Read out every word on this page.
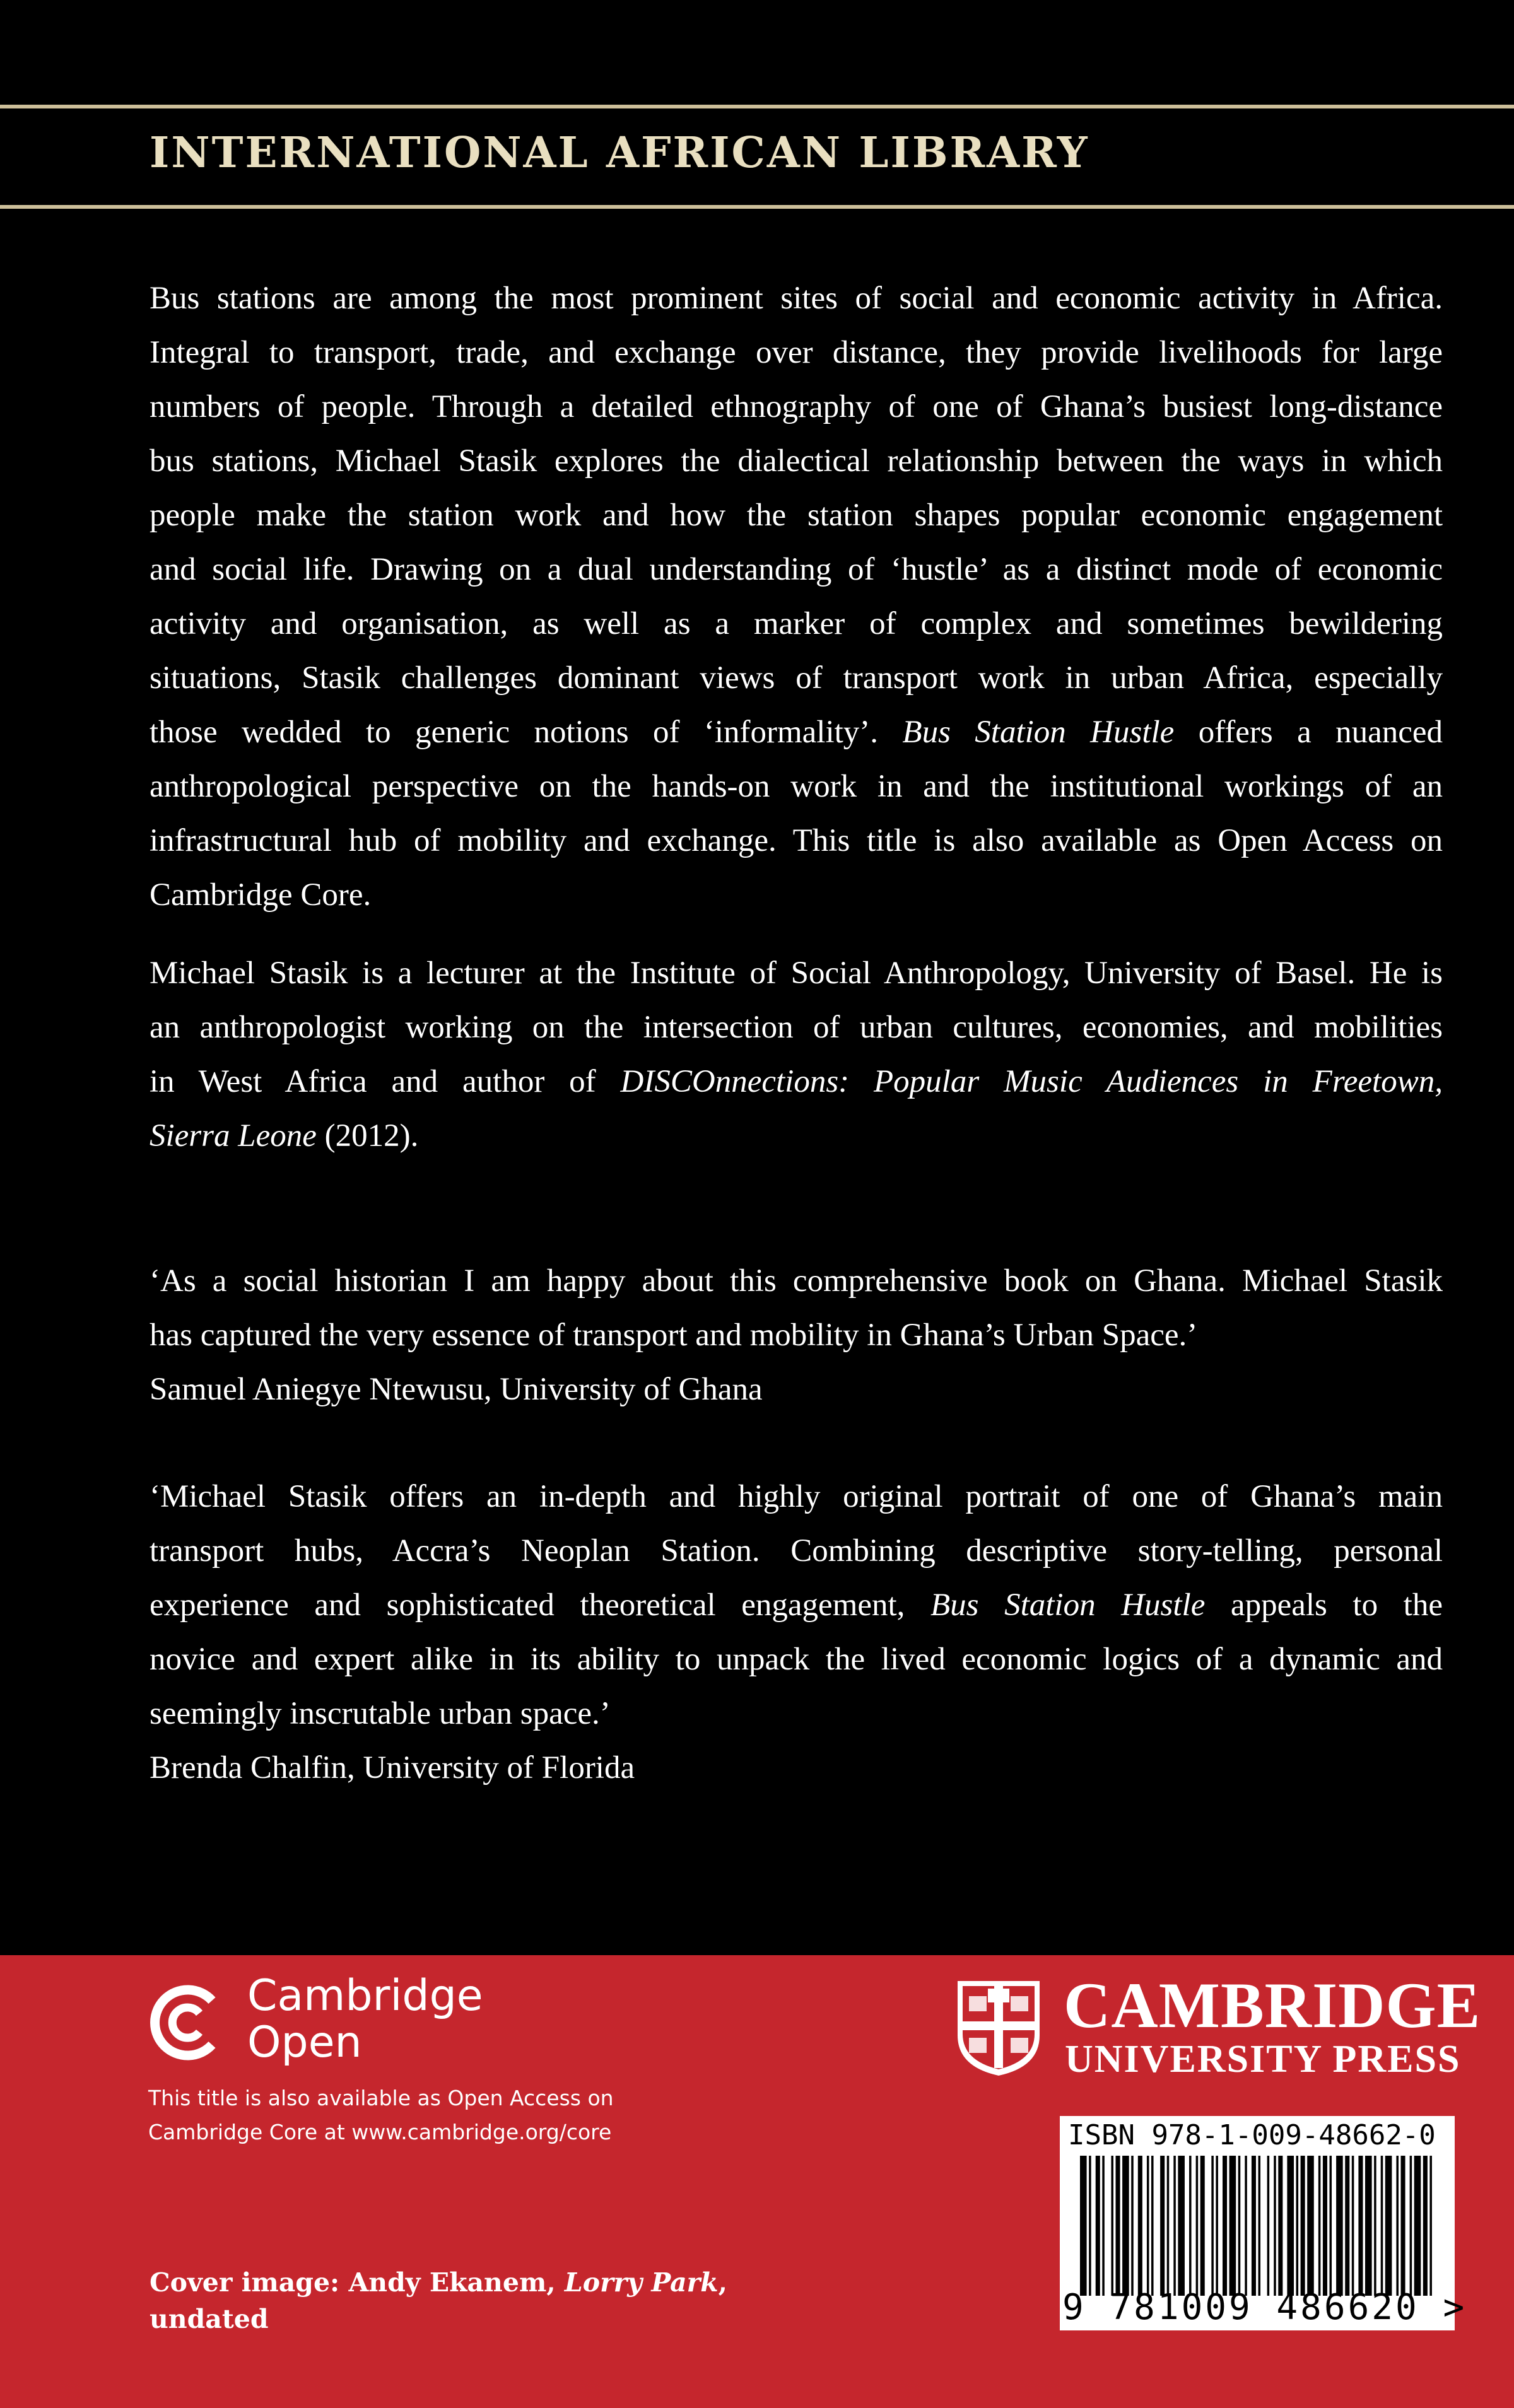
INTERNATIONAL AFRICAN LIBRARY
Bus stations are among the most prominent sites of social and economic activity in Africa.
Integral to transport, trade, and exchange over distance, they provide livelihoods for large
numbers of people. Through a detailed ethnography of one of Ghana’s busiest long-distance
bus stations, Michael Stasik explores the dialectical relationship between the ways in which
people make the station work and how the station shapes popular economic engagement
and social life. Drawing on a dual understanding of ‘hustle’ as a distinct mode of economic
activity and organisation, as well as a marker of complex and sometimes bewildering
situations, Stasik challenges dominant views of transport work in urban Africa, especially
those wedded to generic notions of ‘informality’. Bus Station Hustle offers a nuanced
anthropological perspective on the hands-on work in and the institutional workings of an
infrastructural hub of mobility and exchange. This title is also available as Open Access on
Cambridge Core.
Michael Stasik is a lecturer at the Institute of Social Anthropology, University of Basel. He is
an anthropologist working on the intersection of urban cultures, economies, and mobilities
in West Africa and author of DISCOnnections: Popular Music Audiences in Freetown,
Sierra Leone (2012).
‘As a social historian I am happy about this comprehensive book on Ghana. Michael Stasik
has captured the very essence of transport and mobility in Ghana’s Urban Space.’
Samuel Aniegye Ntewusu, University of Ghana
‘Michael Stasik offers an in-depth and highly original portrait of one of Ghana’s main
transport hubs, Accra’s Neoplan Station. Combining descriptive story-telling, personal
experience and sophisticated theoretical engagement, Bus Station Hustle appeals to the
novice and expert alike in its ability to unpack the lived economic logics of a dynamic and
seemingly inscrutable urban space.’
Brenda Chalfin, University of Florida
Cambridge
Open
This title is also available as Open Access on
Cambridge Core at www.cambridge.org/core
Cover image: Andy Ekanem, Lorry Park,
undated
CAMBRIDGE
UNIVERSITY PRESS
ISBN 978-1-009-48662-0
9 781009 486620 >
